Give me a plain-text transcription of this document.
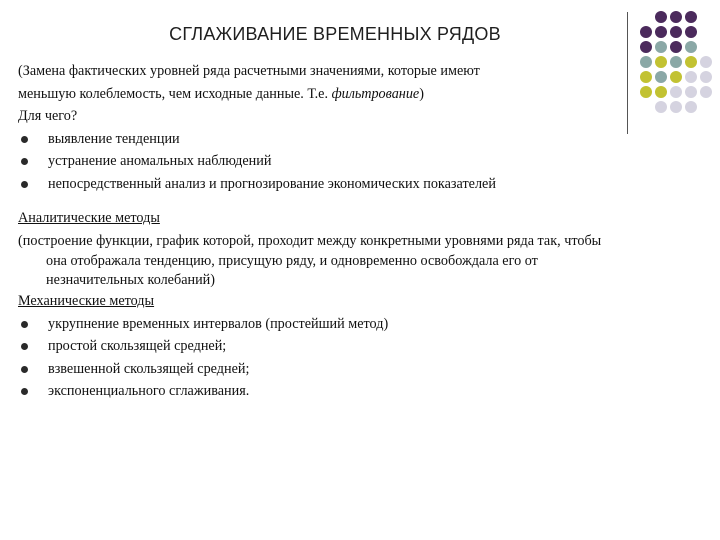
СГЛАЖИВАНИЕ ВРЕМЕННЫХ РЯДОВ
(Замена фактических уровней ряда расчетными значениями, которые имеют
меньшую колеблемость, чем исходные данные. Т.е. фильтрование)
Для чего?
выявление тенденции
устранение аномальных наблюдений
непосредственный анализ и прогнозирование экономических показателей
Аналитические методы
(построение функции, график которой, проходит между конкретными уровнями ряда так, чтобы
она отображала тенденцию, присущую ряду, и одновременно освобождала его от
незначительных колебаний)
Механические методы
укрупнение временных интервалов (простейший метод)
простой скользящей средней;
взвешенной скользящей средней;
экспоненциального сглаживания.
